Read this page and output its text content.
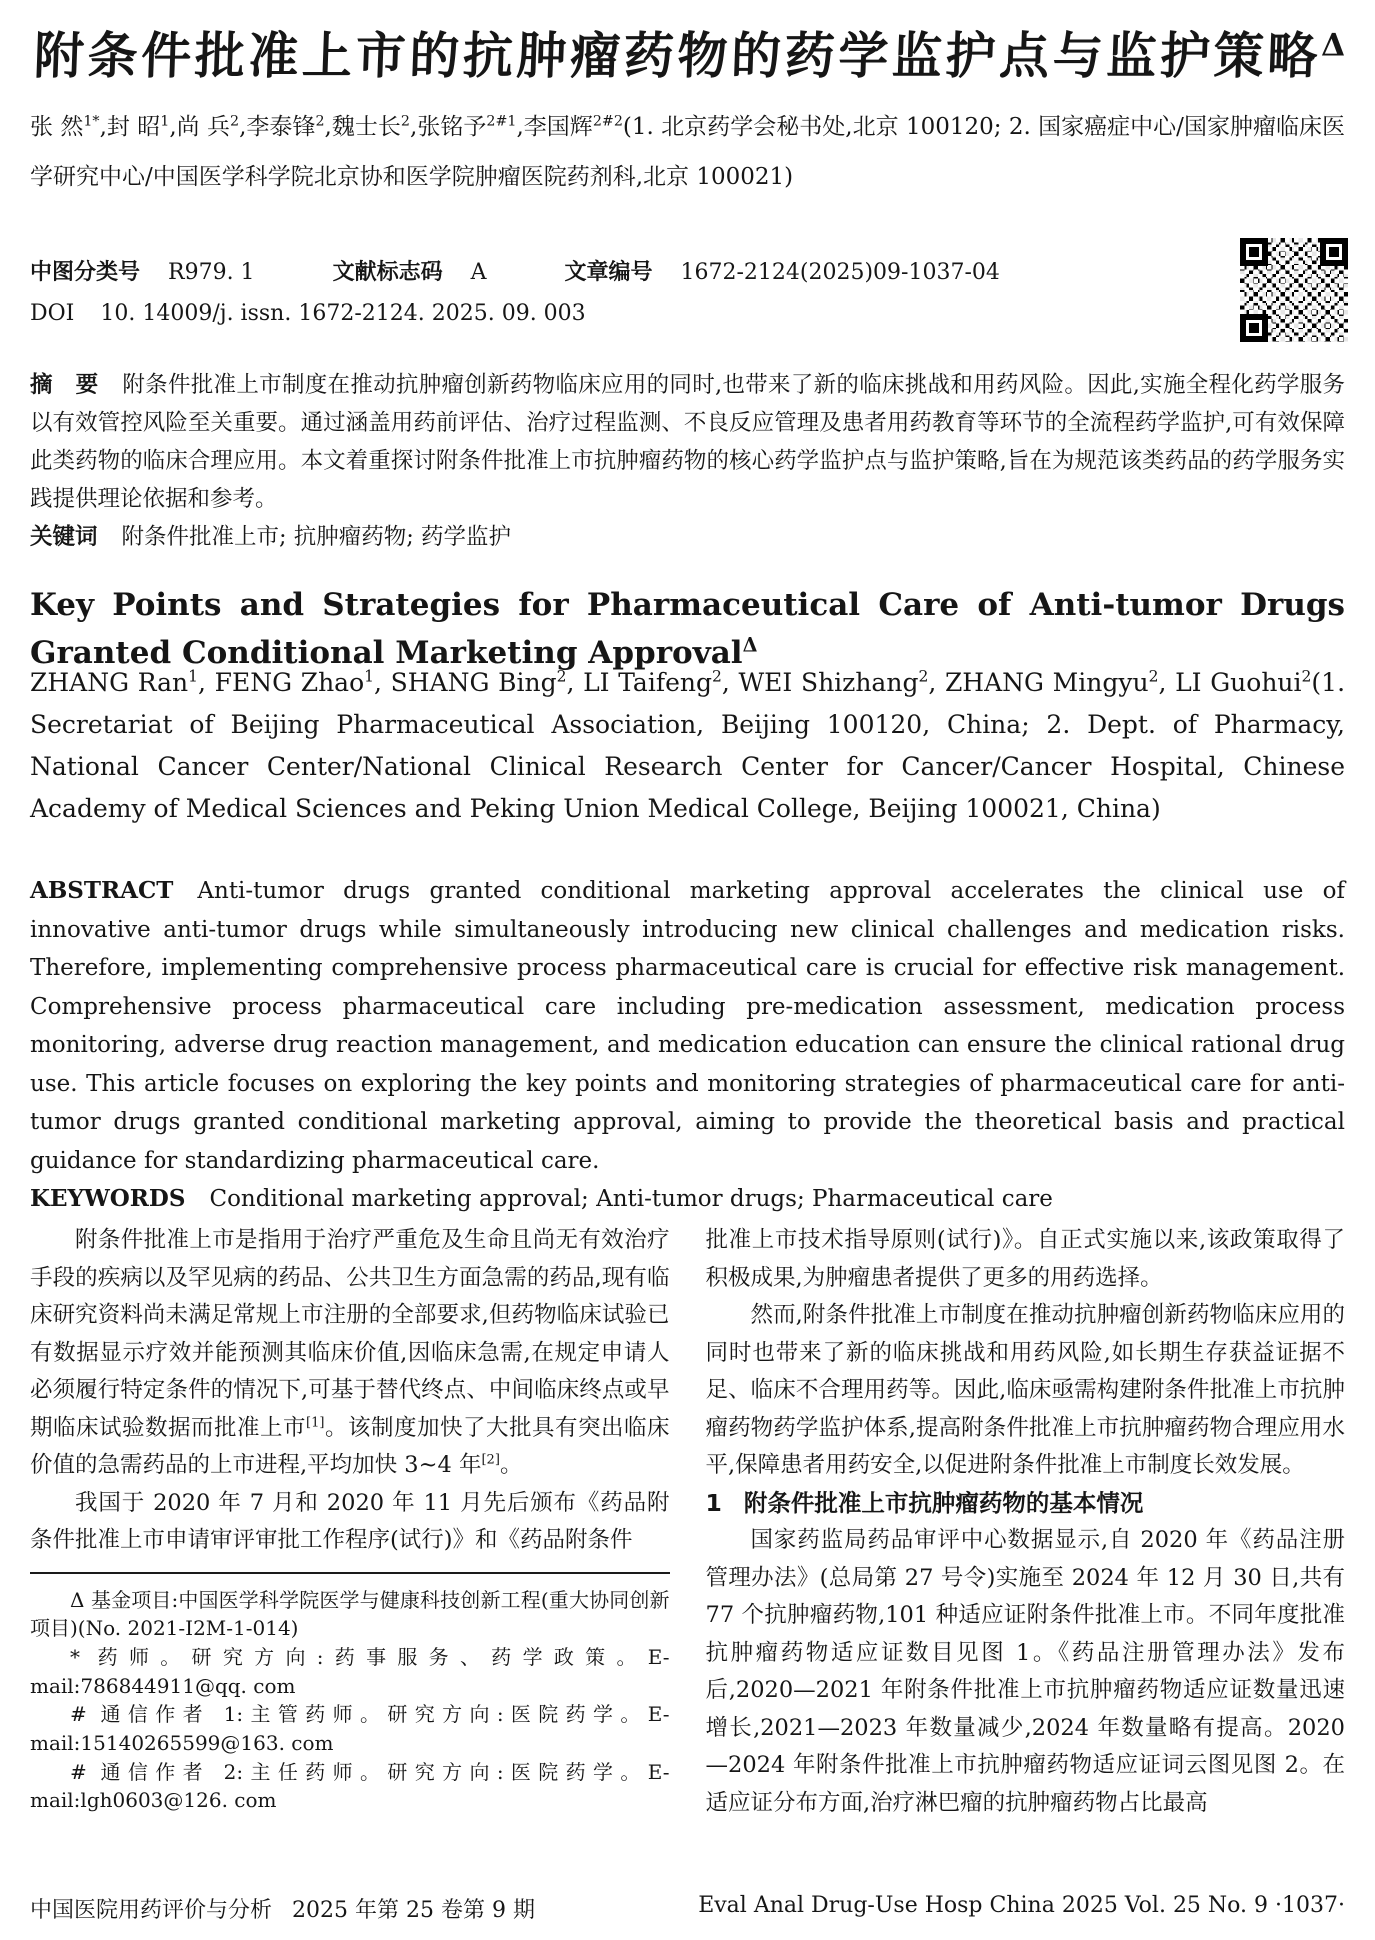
附条件批准上市的抗肿瘤药物的药学监护点与监护策略$^\Delta$

张 然$^{1*}$,封 昭$^1$,尚 兵$^2$,李泰锋$^2$,魏士长$^2$,张铭予$^{2\#1}$,李国辉$^{2\#2}$(1. 北京药学会秘书处,北京 100120; 2. 国家癌症中心/国家肿瘤临床医学研究中心/中国医学科学院北京协和医学院肿瘤医院药剂科,北京 100021)

中图分类号 R979. 1	文献标志码 A	文章编号 1672-2124(2025)09-1037-04
DOI 10. 14009/j. issn. 1672-2124. 2025. 09. 003

摘　要 附条件批准上市制度在推动抗肿瘤创新药物临床应用的同时,也带来了新的临床挑战和用药风险。因此,实施全程化药学服务以有效管控风险至关重要。通过涵盖用药前评估、治疗过程监测、不良反应管理及患者用药教育等环节的全流程药学监护,可有效保障此类药物的临床合理应用。本文着重探讨附条件批准上市抗肿瘤药物的核心药学监护点与监护策略,旨在为规范该类药品的药学服务实践提供理论依据和参考。

关键词 附条件批准上市; 抗肿瘤药物; 药学监护

Key Points and Strategies for Pharmaceutical Care of Anti-tumor Drugs Granted Conditional Marketing Approval$^\Delta$

ZHANG Ran$^1$, FENG Zhao$^1$, SHANG Bing$^2$, LI Taifeng$^2$, WEI Shizhang$^2$, ZHANG Mingyu$^2$, LI Guohui$^2$(1. Secretariat of Beijing Pharmaceutical Association, Beijing 100120, China; 2. Dept. of Pharmacy, National Cancer Center/National Clinical Research Center for Cancer/Cancer Hospital, Chinese Academy of Medical Sciences and Peking Union Medical College, Beijing 100021, China)

ABSTRACT Anti-tumor drugs granted conditional marketing approval accelerates the clinical use of innovative anti-tumor drugs while simultaneously introducing new clinical challenges and medication risks. Therefore, implementing comprehensive process pharmaceutical care is crucial for effective risk management. Comprehensive process pharmaceutical care including pre-medication assessment, medication process monitoring, adverse drug reaction management, and medication education can ensure the clinical rational drug use. This article focuses on exploring the key points and monitoring strategies of pharmaceutical care for anti-tumor drugs granted conditional marketing approval, aiming to provide the theoretical basis and practical guidance for standardizing pharmaceutical care.

KEYWORDS Conditional marketing approval; Anti-tumor drugs; Pharmaceutical care

附条件批准上市是指用于治疗严重危及生命且尚无有效治疗手段的疾病以及罕见病的药品、公共卫生方面急需的药品,现有临床研究资料尚未满足常规上市注册的全部要求,但药物临床试验已有数据显示疗效并能预测其临床价值,因临床急需,在规定申请人必须履行特定条件的情况下,可基于替代终点、中间临床终点或早期临床试验数据而批准上市[1]。该制度加快了大批具有突出临床价值的急需药品的上市进程,平均加快 3~4 年[2]。

我国于 2020 年 7 月和 2020 年 11 月先后颁布《药品附条件批准上市申请审评审批工作程序(试行)》和《药品附条件

Δ 基金项目:中国医学科学院医学与健康科技创新工程(重大协同创新项目)(No. 2021-I2M-1-014)

* 药师。研究方向:药事服务、药学政策。E-mail:786844911@qq. com

# 通信作者 1:主管药师。研究方向:医院药学。E-mail:15140265599@163. com

# 通信作者 2:主任药师。研究方向:医院药学。E-mail:lgh0603@126. com

批准上市技术指导原则(试行)》。自正式实施以来,该政策取得了积极成果,为肿瘤患者提供了更多的用药选择。

然而,附条件批准上市制度在推动抗肿瘤创新药物临床应用的同时也带来了新的临床挑战和用药风险,如长期生存获益证据不足、临床不合理用药等。因此,临床亟需构建附条件批准上市抗肿瘤药物药学监护体系,提高附条件批准上市抗肿瘤药物合理应用水平,保障患者用药安全,以促进附条件批准上市制度长效发展。

1 附条件批准上市抗肿瘤药物的基本情况

国家药监局药品审评中心数据显示,自 2020 年《药品注册管理办法》(总局第 27 号令)实施至 2024 年 12 月 30 日,共有 77 个抗肿瘤药物,101 种适应证附条件批准上市。不同年度批准抗肿瘤药物适应证数目见图 1。《药品注册管理办法》发布后,2020—2021 年附条件批准上市抗肿瘤药物适应证数量迅速增长,2021—2023 年数量减少,2024 年数量略有提高。2020—2024 年附条件批准上市抗肿瘤药物适应证词云图见图 2。在适应证分布方面,治疗淋巴瘤的抗肿瘤药物占比最高

中国医院用药评价与分析 2025 年第 25 卷第 9 期	Eval Anal Drug-Use Hosp China 2025 Vol. 25 No. 9 ·1037·
